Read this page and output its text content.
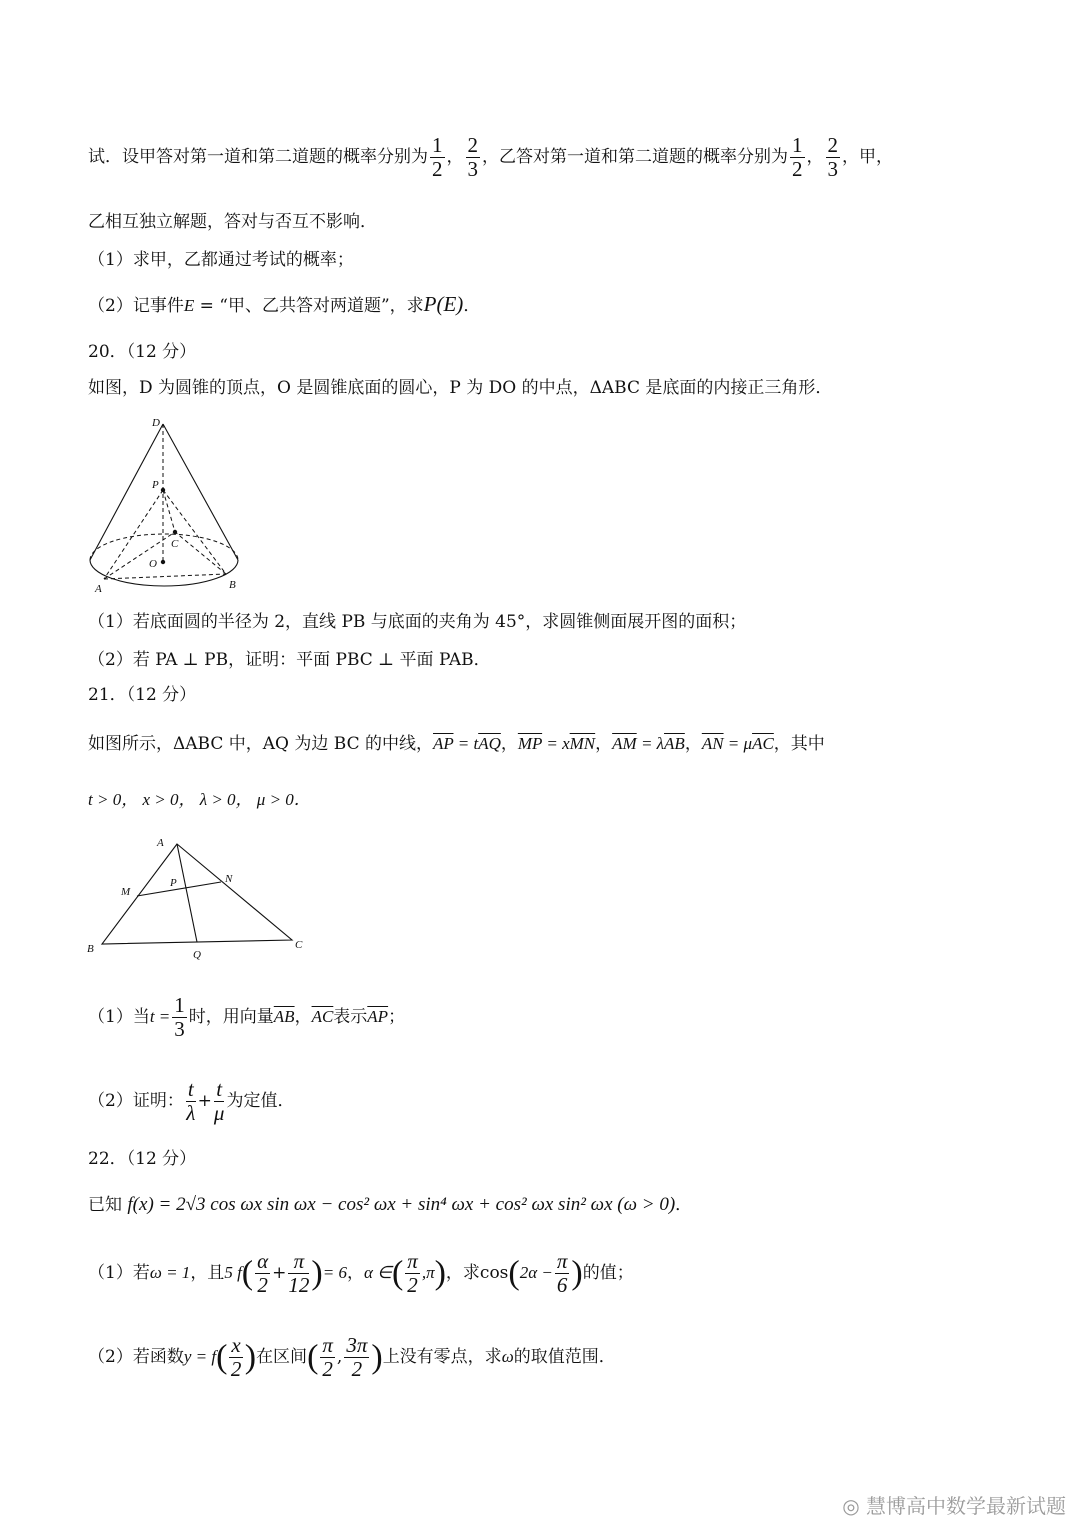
试．设甲答对第一道和第二道题的概率分别为 $\frac{1}{2}$ ， $\frac{2}{3}$ ，乙答对第一道和第二道题的概率分别为 $\frac{1}{2}$ ， $\frac{2}{3}$ ，甲，
乙相互独立解题，答对与否互不影响．
（1）求甲，乙都通过考试的概率；
（2）记事件E = “甲、乙共答对两道题”，求P(E)．
20．（12 分）
如图，D 为圆锥的顶点，O 是圆锥底面的圆心，P 为 DO 的中点，ΔABC 是底面的内接正三角形．
D
P
C
O
A	B
（1）若底面圆的半径为 2，直线 PB 与底面的夹角为 45°，求圆锥侧面展开图的面积；
（2）若 PA ⊥ PB，证明：平面 PBC ⊥ 平面 PAB．
21．（12 分）
如图所示，ΔABC 中，AQ 为边 BC 的中线，$\overline{AP} = t\overline{AQ}$，$\overline{MP} = x\overline{MN}$，$\overline{AM} = \lambda\overline{AB}$，$\overline{AN} = \mu\overline{AC}$，其中
t > 0， x > 0， λ > 0， μ > 0．
A
M
P	N
B	Q
C
（1）当$t = \frac{1}{3}$ 时，用向量$\overline{AB}$，$\overline{AC}$表示$\overline{AP}$；
（2）证明： $\frac{t}{\lambda} + \frac{t}{\mu}$ 为定值．
22．（12 分）
已知 f(x) = 2√3 cos ωx sin ωx − cos² ωx + sin⁴ ωx + cos² ωx sin² ωx (ω > 0)．
（1）若ω = 1，且5 $f( \frac{\alpha}{2} + \frac{\pi}{12}$ )= 6，α ∈( $\frac{\pi}{2} ,\pi$)，求$\cos(2\alpha - \frac{\pi}{6}$ )的值；
（2）若函数$y = f( \frac{x}{2}$ )在区间( $\frac{\pi}{2}$ , $\frac{3\pi}{2}$ )上没有零点，求ω的取值范围．
◎ 慧博高中数学最新试题
